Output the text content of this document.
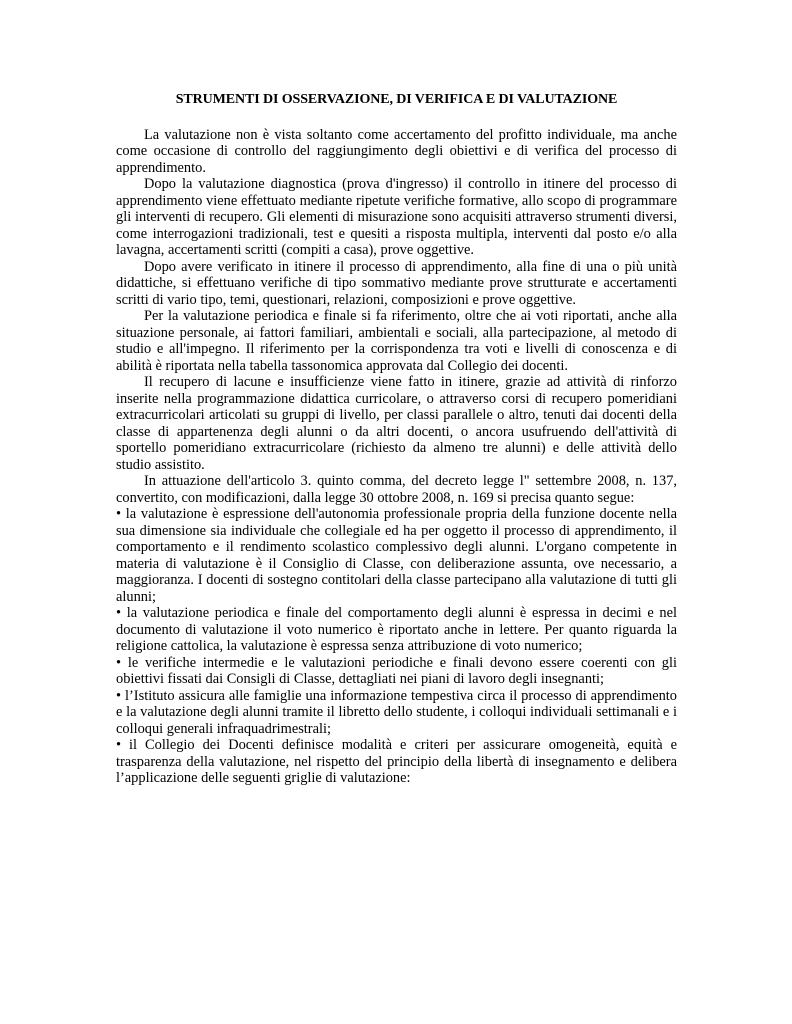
STRUMENTI DI OSSERVAZIONE, DI VERIFICA E DI VALUTAZIONE

La valutazione non è vista soltanto come accertamento del profitto individuale, ma anche come occasione di controllo del raggiungimento degli obiettivi e di verifica del processo di apprendimento.

Dopo la valutazione diagnostica (prova d'ingresso) il controllo in itinere del processo di apprendimento viene effettuato mediante ripetute verifiche formative, allo scopo di programmare gli interventi di recupero. Gli elementi di misurazione sono acquisiti attraverso strumenti diversi, come interrogazioni tradizionali, test e quesiti a risposta multipla, interventi dal posto e/o alla lavagna, accertamenti scritti (compiti a casa), prove oggettive.

Dopo avere verificato in itinere il processo di apprendimento, alla fine di una o più unità didattiche, si effettuano verifiche di tipo sommativo mediante prove strutturate e accertamenti scritti di vario tipo, temi, questionari, relazioni, composizioni e prove oggettive.

Per la valutazione periodica e finale si fa riferimento, oltre che ai voti riportati, anche alla situazione personale, ai fattori familiari, ambientali e sociali, alla partecipazione, al metodo di studio e all'impegno. Il riferimento per la corrispondenza tra voti e livelli di conoscenza e di abilità è riportata nella tabella tassonomica approvata dal Collegio dei docenti.

Il recupero di lacune e insufficienze viene fatto in itinere, grazie ad attività di rinforzo inserite nella programmazione didattica curricolare, o attraverso corsi di recupero pomeridiani extracurricolari articolati su gruppi di livello, per classi parallele o altro, tenuti dai docenti della classe di appartenenza degli alunni o da altri docenti, o ancora usufruendo dell'attività di sportello pomeridiano extracurricolare (richiesto da almeno tre alunni) e delle attività dello studio assistito.

In attuazione dell'articolo 3. quinto comma, del decreto legge l" settembre 2008, n. 137, convertito, con modificazioni, dalla legge 30 ottobre 2008, n. 169 si precisa quanto segue:

• la valutazione è espressione dell'autonomia professionale propria della funzione docente nella sua dimensione sia individuale che collegiale ed ha per oggetto il processo di apprendimento, il comportamento e il rendimento scolastico complessivo degli alunni. L'organo competente in materia di valutazione è il Consiglio di Classe, con deliberazione assunta, ove necessario, a maggioranza. I docenti di sostegno contitolari della classe partecipano alla valutazione di tutti gli alunni;

• la valutazione periodica e finale del comportamento degli alunni è espressa in decimi e nel documento di valutazione il voto numerico è riportato anche in lettere. Per quanto riguarda la religione cattolica, la valutazione è espressa senza attribuzione di voto numerico;

• le verifiche intermedie e le valutazioni periodiche e finali devono essere coerenti con gli obiettivi fissati dai Consigli di Classe, dettagliati nei piani di lavoro degli insegnanti;

• l’Istituto assicura alle famiglie una informazione tempestiva circa il processo di apprendimento e la valutazione degli alunni tramite il libretto dello studente, i colloqui individuali settimanali e i colloqui generali infraquadrimestrali;

• il Collegio dei Docenti definisce modalità e criteri per assicurare omogeneità, equità e trasparenza della valutazione, nel rispetto del principio della libertà di insegnamento e delibera l’applicazione delle seguenti griglie di valutazione:
